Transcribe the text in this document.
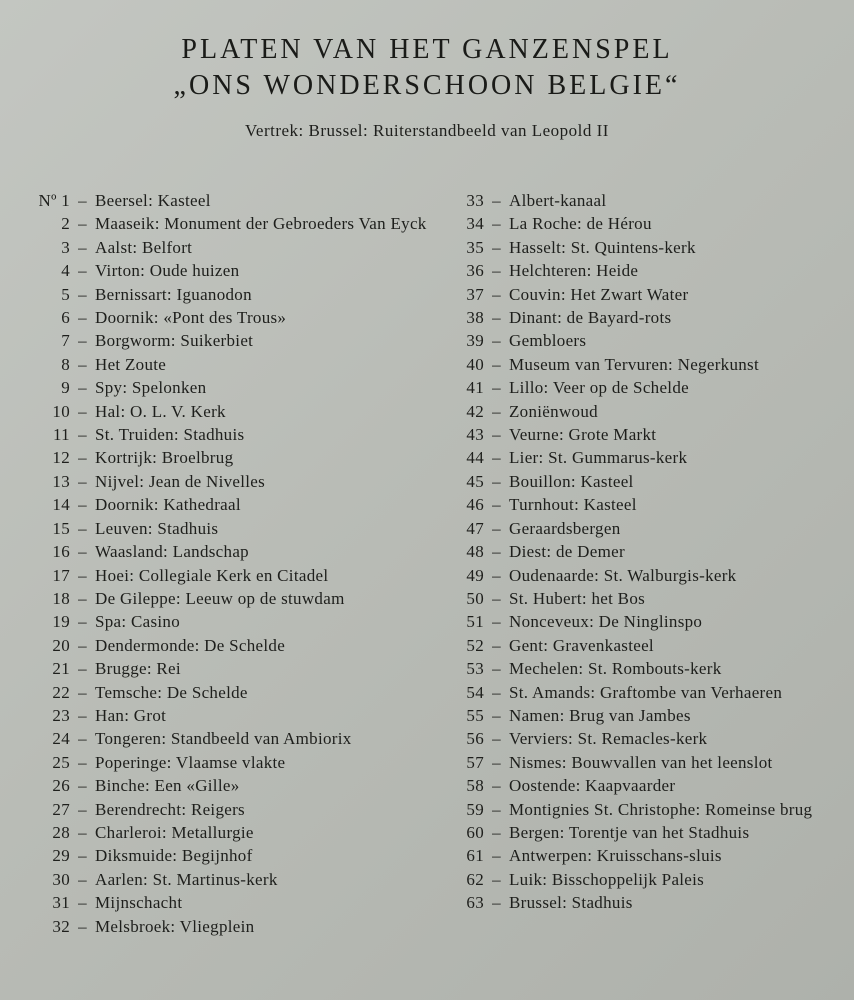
PLATEN VAN HET GANZENSPEL
„ONS WONDERSCHOON BELGIE“
Vertrek: Brussel: Ruiterstandbeeld van Leopold II
Nº 1 – Beersel: Kasteel
2 – Maaseik: Monument der Gebroeders Van Eyck
3 – Aalst: Belfort
4 – Virton: Oude huizen
5 – Bernissart: Iguanodon
6 – Doornik: «Pont des Trous»
7 – Borgworm: Suikerbiet
8 – Het Zoute
9 – Spy: Spelonken
10 – Hal: O. L. V. Kerk
11 – St. Truiden: Stadhuis
12 – Kortrijk: Broelbrug
13 – Nijvel: Jean de Nivelles
14 – Doornik: Kathedraal
15 – Leuven: Stadhuis
16 – Waasland: Landschap
17 – Hoei: Collegiale Kerk en Citadel
18 – De Gileppe: Leeuw op de stuwdam
19 – Spa: Casino
20 – Dendermonde: De Schelde
21 – Brugge: Rei
22 – Temsche: De Schelde
23 – Han: Grot
24 – Tongeren: Standbeeld van Ambiorix
25 – Poperinge: Vlaamse vlakte
26 – Binche: Een «Gille»
27 – Berendrecht: Reigers
28 – Charleroi: Metallurgie
29 – Diksmuide: Begijnhof
30 – Aarlen: St. Martinus-kerk
31 – Mijnschacht
32 – Melsbroek: Vliegplein
33 – Albert-kanaal
34 – La Roche: de Hérou
35 – Hasselt: St. Quintens-kerk
36 – Helchteren: Heide
37 – Couvin: Het Zwart Water
38 – Dinant: de Bayard-rots
39 – Gembloers
40 – Museum van Tervuren: Negerkunst
41 – Lillo: Veer op de Schelde
42 – Zoniënwoud
43 – Veurne: Grote Markt
44 – Lier: St. Gummarus-kerk
45 – Bouillon: Kasteel
46 – Turnhout: Kasteel
47 – Geraardsbergen
48 – Diest: de Demer
49 – Oudenaarde: St. Walburgis-kerk
50 – St. Hubert: het Bos
51 – Nonceveux: De Ninglinspo
52 – Gent: Gravenkasteel
53 – Mechelen: St. Rombouts-kerk
54 – St. Amands: Graftombe van Verhaeren
55 – Namen: Brug van Jambes
56 – Verviers: St. Remacles-kerk
57 – Nismes: Bouwvallen van het leenslot
58 – Oostende: Kaapvaarder
59 – Montignies St. Christophe: Romeinse brug
60 – Bergen: Torentje van het Stadhuis
61 – Antwerpen: Kruisschans-sluis
62 – Luik: Bisschoppelijk Paleis
63 – Brussel: Stadhuis
